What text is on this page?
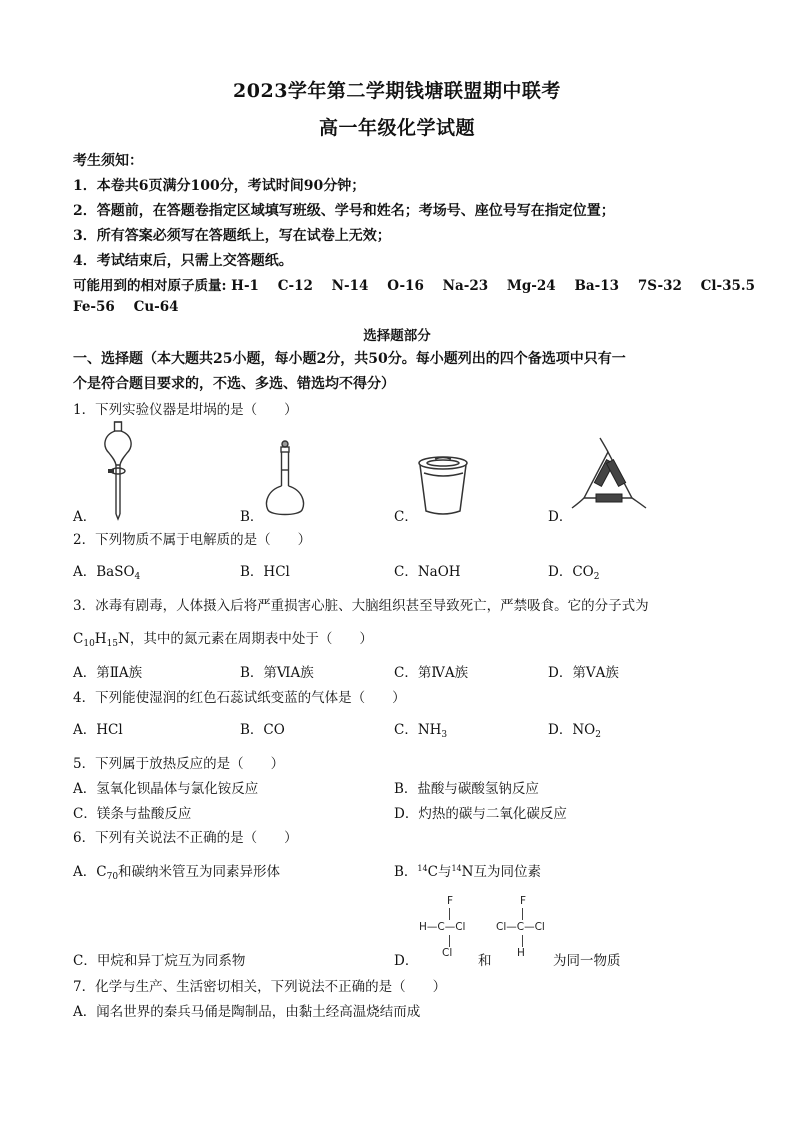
2023学年第二学期钱塘联盟期中联考
高一年级化学试题
考生须知：
1．本卷共6页满分100分，考试时间90分钟；
2．答题前，在答题卷指定区域填写班级、学号和姓名；考场号、座位号写在指定位置；
3．所有答案必须写在答题纸上，写在试卷上无效；
4．考试结束后，只需上交答题纸。
可能用到的相对原子质量: H-1    C-12    N-14    O-16    Na-23    Mg-24    Ba-13    7S-32    Cl-35.5
Fe-56    Cu-64
选择题部分
一、选择题（本大题共25小题，每小题2分，共50分。每小题列出的四个备选项中只有一
个是符合题目要求的，不选、多选、错选均不得分）
1．下列实验仪器是坩埚的是（　　）
A．	B．	C．	D．
2．下列物质不属于电解质的是（　　）
A．BaSO$_4$	B．HCl	C．NaOH	D．$CO_2$
3．冰毒有剧毒，人体摄入后将严重损害心脏、大脑组织甚至导致死亡，严禁吸食。它的分子式为
$C_{10}H_{15}N$，其中的氮元素在周期表中处于（　　）
A．第ⅡA族	B．第ⅥA族	C．第ⅣA族	D．第ⅤA族
4．下列能使湿润的红色石蕊试纸变蓝的气体是（　　）
A．HCl	B．CO	C．$NH_3$	D．$NO_2$
5．下列属于放热反应的是（　　）
A．氢氧化钡晶体与氯化铵反应	B．盐酸与碳酸氢钠反应
C．镁条与盐酸反应	D．灼热的碳与二氧化碳反应
6．下列有关说法不正确的是（　　）
A．$C_{70}$和碳纳米管互为同素异形体	B．$^{14}$C与$^{14}$N互为同位素
C．甲烷和异丁烷互为同系物	D．
F
H—C—Cl
Cl 和
F
Cl—C—Cl
H 为同一物质
7．化学与生产、生活密切相关，下列说法不正确的是（　　）
A．闻名世界的秦兵马俑是陶制品，由黏土经高温烧结而成
